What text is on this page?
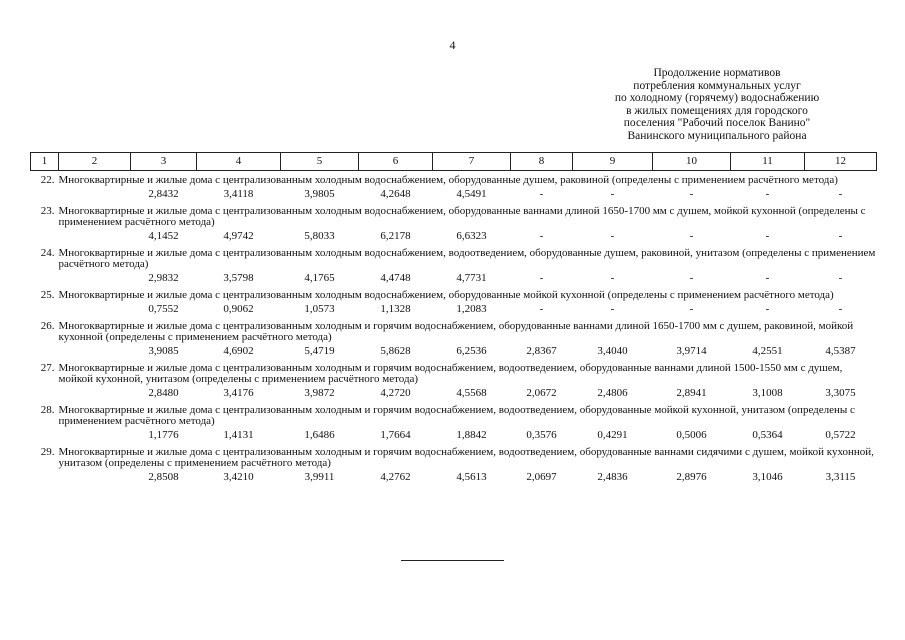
4
Продолжение нормативов
потребления коммунальных услуг
по холодному (горячему) водоснабжению
в жилых помещениях для городского
поселения "Рабочий поселок Ванино"
Ванинского муниципального района
1	2	3	4	5	6	7	8	9	10	11	12
22.	Многоквартирные и жилые дома с централизованным холодным водоснабжением, оборудованные душем, раковиной (определены с применением расчётного метода)										
		2,8432	3,4118	3,9805	4,2648	4,5491	-	-	-	-	-
23.	Многоквартирные и жилые дома с централизованным холодным водоснабжением, оборудованные ваннами длиной 1650-1700 мм с душем, мойкой кухонной (определены с применением расчётного метода)										
		4,1452	4,9742	5,8033	6,2178	6,6323	-	-	-	-	-
24.	Многоквартирные и жилые дома с централизованным холодным водоснабжением, водоотведением, оборудованные душем, раковиной, унитазом (определены с применением расчётного метода)										
		2,9832	3,5798	4,1765	4,4748	4,7731	-	-	-	-	-
25.	Многоквартирные и жилые дома с централизованным холодным водоснабжением, оборудованные мойкой кухонной (определены с применением расчётного метода)										
		0,7552	0,9062	1,0573	1,1328	1,2083	-	-	-	-	-
26.	Многоквартирные и жилые дома с централизованным холодным и горячим водоснабжением, оборудованные ваннами длиной 1650-1700 мм с душем, раковиной, мойкой кухонной (определены с применением расчётного метода)										
		3,9085	4,6902	5,4719	5,8628	6,2536	2,8367	3,4040	3,9714	4,2551	4,5387
27.	Многоквартирные и жилые дома с централизованным холодным и горячим водоснабжением, водоотведением, оборудованные ваннами длиной 1500-1550 мм с душем, мойкой кухонной, унитазом (определены с применением расчётного метода)										
		2,8480	3,4176	3,9872	4,2720	4,5568	2,0672	2,4806	2,8941	3,1008	3,3075
28.	Многоквартирные и жилые дома с централизованным холодным и горячим водоснабжением, водоотведением, оборудованные мойкой кухонной, унитазом (определены с применением расчётного метода)										
		1,1776	1,4131	1,6486	1,7664	1,8842	0,3576	0,4291	0,5006	0,5364	0,5722
29.	Многоквартирные и жилые дома с централизованным холодным и горячим водоснабжением, водоотведением, оборудованные ваннами сидячими с душем, мойкой кухонной, унитазом (определены с применением расчётного метода)										
		2,8508	3,4210	3,9911	4,2762	4,5613	2,0697	2,4836	2,8976	3,1046	3,3115
